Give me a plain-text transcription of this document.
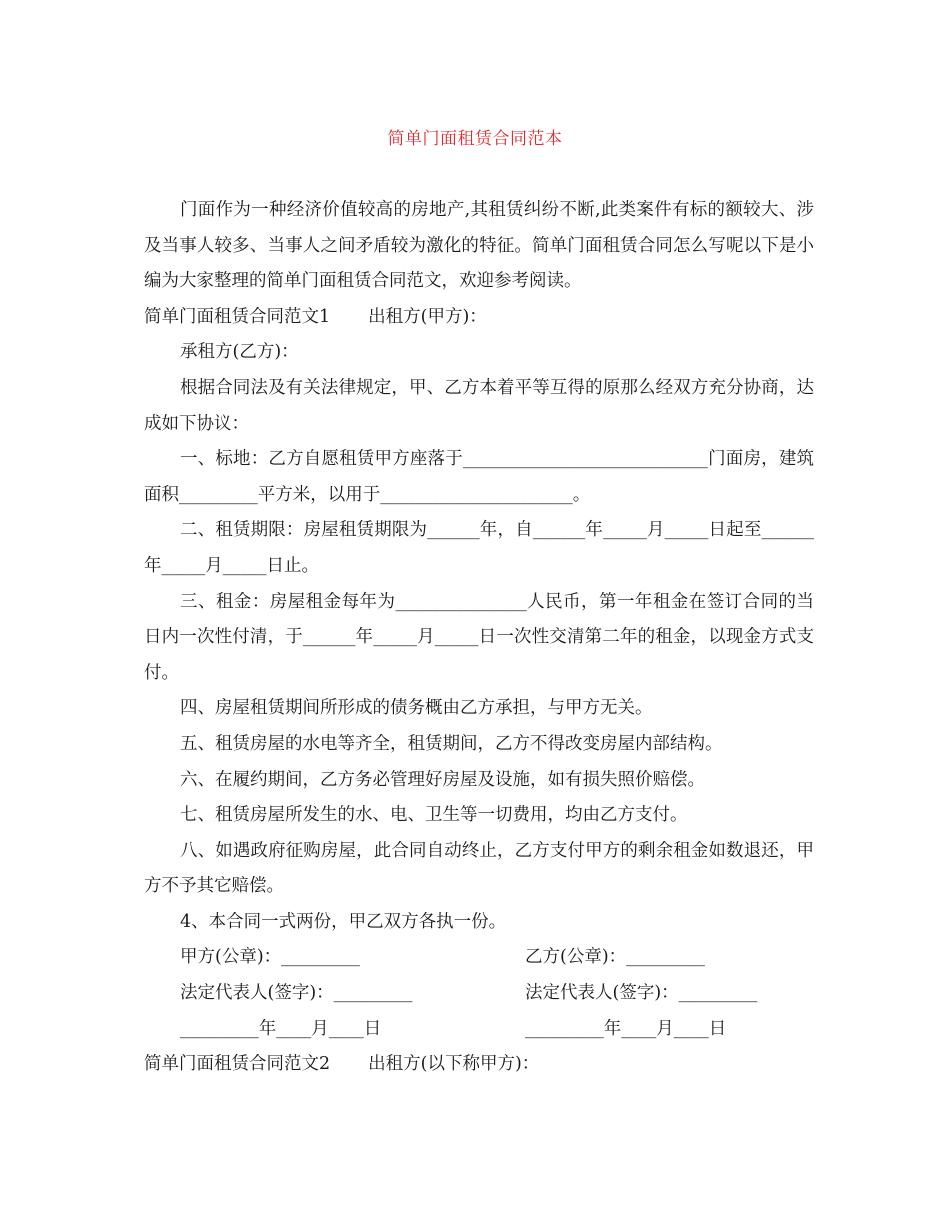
简单门面租赁合同范本

门面作为一种经济价值较高的房地产,其租赁纠纷不断,此类案件有标的额较大、涉及当事人较多、当事人之间矛盾较为激化的特征。简单门面租赁合同怎么写呢以下是小编为大家整理的简单门面租赁合同范文，欢迎参考阅读。

简单门面租赁合同范文1 出租方(甲方)：

承租方(乙方)：

根据合同法及有关法律规定，甲、乙方本着平等互得的原那么经双方充分协商，达成如下协议：

一、标地：乙方自愿租赁甲方座落于____________________________门面房，建筑面积_________平方米，以用于______________________。

二、租赁期限：房屋租赁期限为______年，自______年_____月_____日起至______年_____月_____日止。

三、租金：房屋租金每年为_______________人民币，第一年租金在签订合同的当日内一次性付清，于______年_____月_____日一次性交清第二年的租金，以现金方式支付。

四、房屋租赁期间所形成的债务概由乙方承担，与甲方无关。

五、租赁房屋的水电等齐全，租赁期间，乙方不得改变房屋内部结构。

六、在履约期间，乙方务必管理好房屋及设施，如有损失照价赔偿。

七、租赁房屋所发生的水、电、卫生等一切费用，均由乙方支付。

八、如遇政府征购房屋，此合同自动终止，乙方支付甲方的剩余租金如数退还，甲方不予其它赔偿。

4、本合同一式两份，甲乙双方各执一份。

甲方(公章)：_________	乙方(公章)：_________
法定代表人(签字)：_________	法定代表人(签字)：_________
_________年____月____日	_________年____月____日

简单门面租赁合同范文2 出租方(以下称甲方)：
